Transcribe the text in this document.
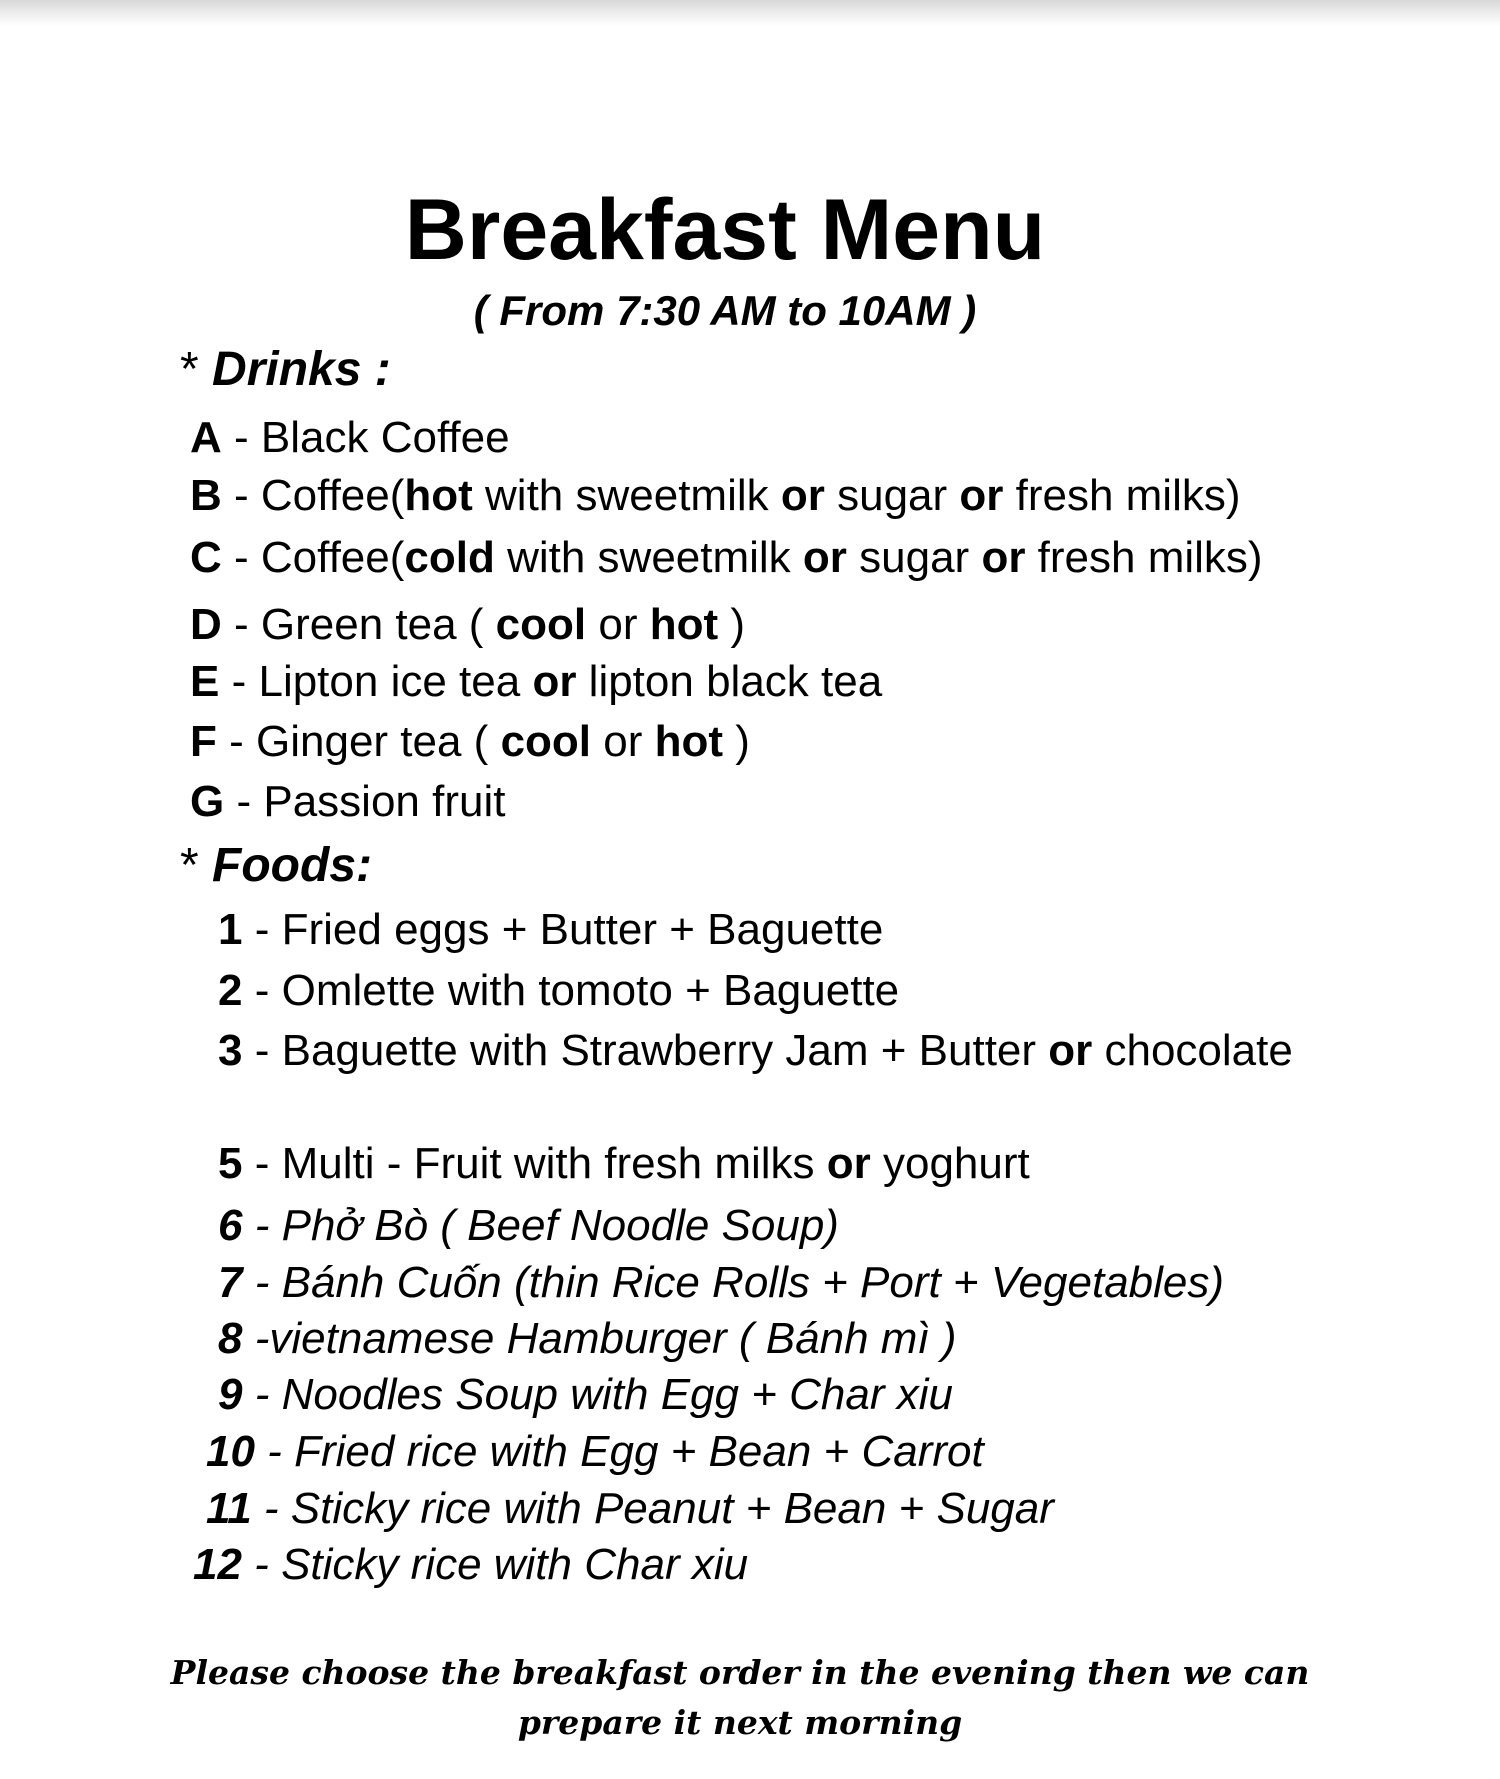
Breakfast Menu
( From 7:30 AM to 10AM )
* Drinks :
A - Black Coffee
B - Coffee(hot with sweetmilk or sugar or fresh milks)
C - Coffee(cold with sweetmilk or sugar or fresh milks)
D - Green tea ( cool or hot )
E - Lipton ice tea or lipton black tea
F - Ginger tea ( cool or hot )
G - Passion fruit
* Foods:
1 - Fried eggs + Butter + Baguette
2 - Omlette with tomoto + Baguette
3 - Baguette with Strawberry Jam + Butter or chocolate
5 - Multi - Fruit with fresh milks or yoghurt
6 - Phở Bò ( Beef Noodle Soup)
7 - Bánh Cuốn (thin Rice Rolls + Port + Vegetables)
8 -vietnamese Hamburger ( Bánh mì )
9 - Noodles Soup with Egg + Char xiu
10 - Fried rice with Egg + Bean + Carrot
11 - Sticky rice with Peanut + Bean + Sugar
12 - Sticky rice with Char xiu
Please choose the breakfast order in the evening then we can
prepare it next morning
